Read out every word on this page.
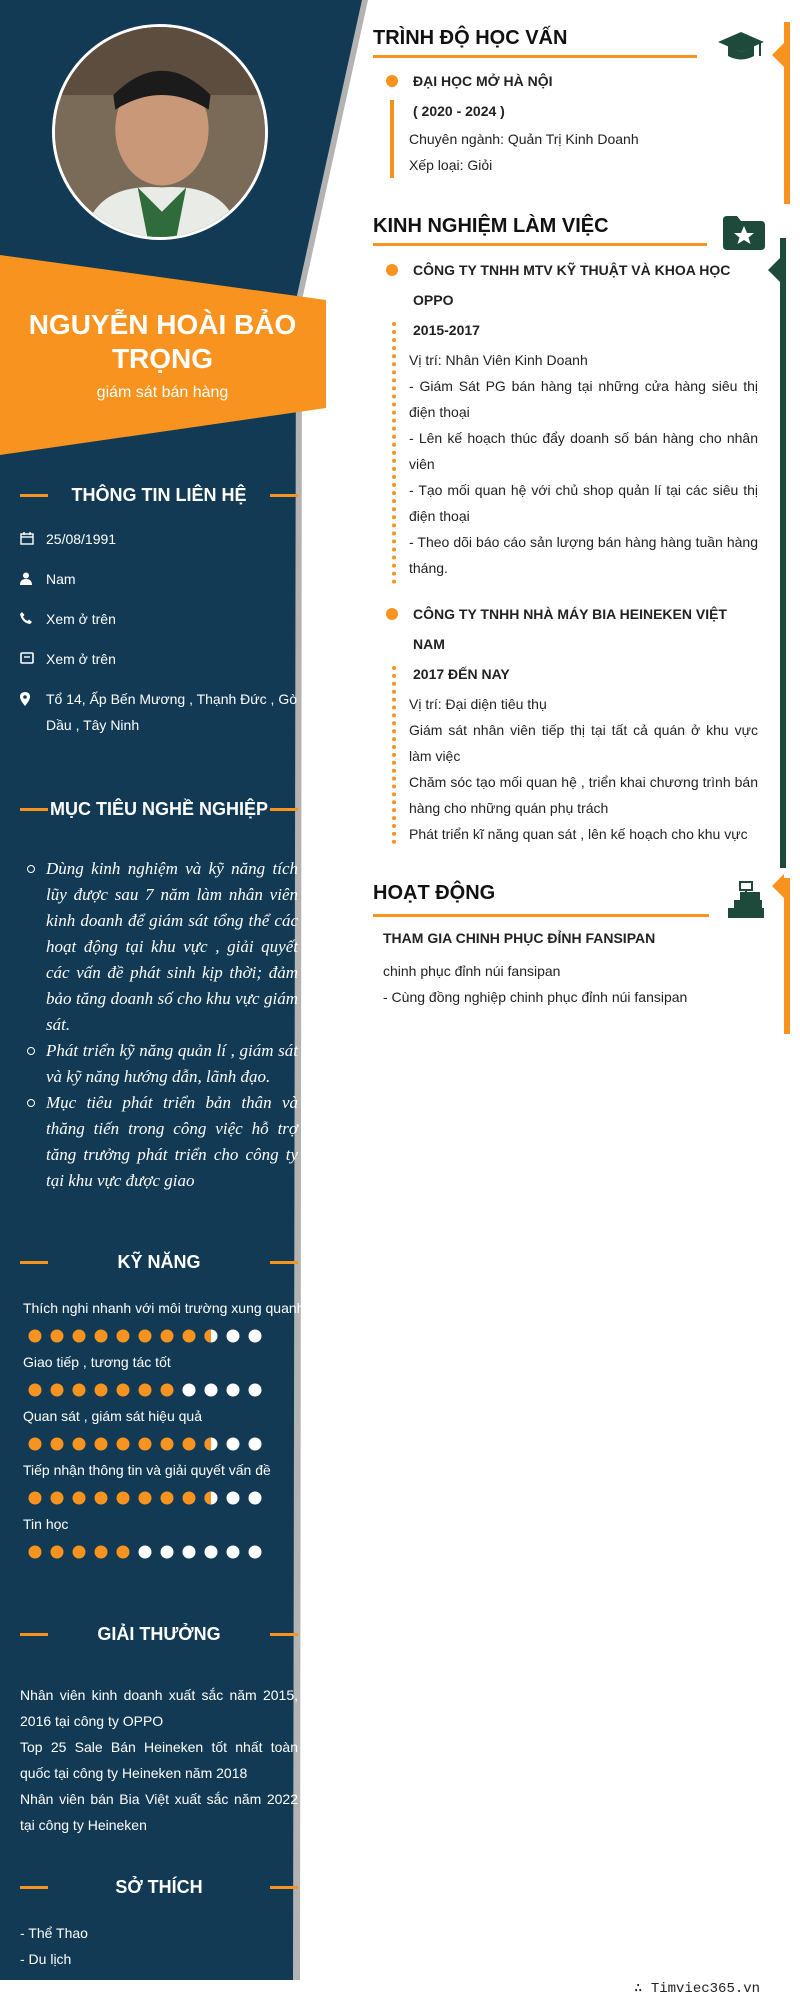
NGUYỄN HOÀI BẢO TRỌNG
giám sát bán hàng
THÔNG TIN LIÊN HỆ
25/08/1991
Nam
Xem ở trên
Xem ở trên
Tổ 14, Ấp Bến Mương , Thạnh Đức , Gò Dầu , Tây Ninh
MỤC TIÊU NGHỀ NGHIỆP
Dùng kinh nghiệm và kỹ năng tích lũy được sau 7 năm làm nhân viên kinh doanh để giám sát tổng thể các hoạt động tại khu vực , giải quyết các vấn đề phát sinh kịp thời; đảm bảo tăng doanh số cho khu vực giám sát.
Phát triển kỹ năng quản lí , giám sát và kỹ năng hướng dẫn, lãnh đạo.
Mục tiêu phát triển bản thân và thăng tiến trong công việc hỗ trợ tăng trưởng phát triển cho công ty tại khu vực được giao
KỸ NĂNG
Thích nghi nhanh với môi trường xung quanh
Giao tiếp , tương tác tốt
Quan sát , giám sát hiệu quả
Tiếp nhận thông tin và giải quyết vấn đề
Tin học
GIẢI THƯỞNG
Nhân viên kinh doanh xuất sắc năm 2015, 2016 tại công ty OPPO
Top 25 Sale Bán Heineken tốt nhất toàn quốc tại công ty Heineken năm 2018
Nhân viên bán Bia Việt xuất sắc năm 2022 tại công ty Heineken
SỞ THÍCH
- Thể Thao
- Du lịch
TRÌNH ĐỘ HỌC VẤN
ĐẠI HỌC MỞ HÀ NỘI
( 2020 - 2024 )
Chuyên ngành: Quản Trị Kinh Doanh
Xếp loại: Giỏi
KINH NGHIỆM LÀM VIỆC
CÔNG TY TNHH MTV KỸ THUẬT VÀ KHOA HỌC OPPO
2015-2017
Vị trí: Nhân Viên Kinh Doanh
- Giám Sát PG bán hàng tại những cửa hàng siêu thị điện thoại
- Lên kế hoạch thúc đẩy doanh số bán hàng cho nhân viên
- Tạo mối quan hệ với chủ shop quản lí tại các siêu thị điện thoại
- Theo dõi báo cáo sản lượng bán hàng hàng tuần hàng tháng.
CÔNG TY TNHH NHÀ MÁY BIA HEINEKEN VIỆT NAM
2017 ĐẾN NAY
Vị trí: Đại diện tiêu thụ
Giám sát nhân viên tiếp thị tại tất cả quán ở khu vực làm việc
Chăm sóc tạo mối quan hệ , triển khai chương trình bán hàng cho những quán phụ trách
Phát triển kĩ năng quan sát , lên kế hoạch cho khu vực
HOẠT ĐỘNG
THAM GIA CHINH PHỤC ĐỈNH FANSIPAN
chinh phục đỉnh núi fansipan
- Cùng đồng nghiệp chinh phục đỉnh núi fansipan
∴ Timviec365.vn
